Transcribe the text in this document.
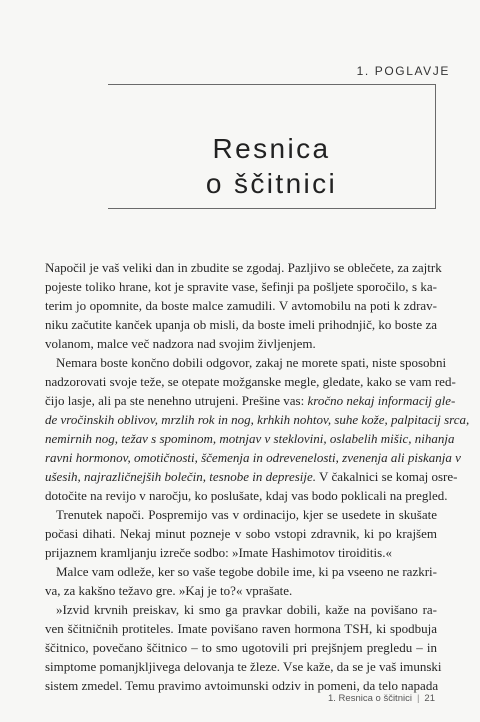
1. POGLAVJE
Resnica
o ščitnici
Napočil je vaš veliki dan in zbudite se zgodaj. Pazljivo se oblečete, za zajtrk
pojeste toliko hrane, kot je spravite vase, šefinji pa pošljete sporočilo, s ka-
terim jo opomnite, da boste malce zamudili. V avtomobilu na poti k zdrav-
niku začutite kanček upanja ob misli, da boste imeli prihodnjič, ko boste za
volanom, malce več nadzora nad svojim življenjem.
Nemara boste končno dobili odgovor, zakaj ne morete spati, niste sposobni
nadzorovati svoje teže, se otepate možganske megle, gledate, kako se vam red-
čijo lasje, ali pa ste nenehno utrujeni. Prešine vas: kročno nekaj informacij gle-
de vročinskih oblivov, mrzlih rok in nog, krhkih nohtov, suhe kože, palpitacij srca,
nemirnih nog, težav s spominom, motnjav v steklovini, oslabelih mišic, nihanja
ravni hormonov, omotičnosti, ščemenja in odrevenelosti, zvenenja ali piskanja v
ušesih, najrazličnejših bolečin, tesnobe in depresije. V čakalnici se komaj osre-
dotočite na revijo v naročju, ko poslušate, kdaj vas bodo poklicali na pregled.
Trenutek napoči. Pospremijo vas v ordinacijo, kjer se usedete in skušate
počasi dihati. Nekaj minut pozneje v sobo vstopi zdravnik, ki po krajšem
prijaznem kramljanju izreče sodbo: »Imate Hashimotov tiroiditis.«
Malce vam odleže, ker so vaše tegobe dobile ime, ki pa vseeno ne razkri-
va, za kakšno težavo gre. »Kaj je to?« vprašate.
»Izvid krvnih preiskav, ki smo ga pravkar dobili, kaže na povišano ra-
ven ščitničnih protiteles. Imate povišano raven hormona TSH, ki spodbuja
ščitnico, povečano ščitnico – to smo ugotovili pri prejšnjem pregledu – in
simptome pomanjkljivega delovanja te žleze. Vse kaže, da se je vaš imunski
sistem zmedel. Temu pravimo avtoimunski odziv in pomeni, da telo napada
1. Resnica o ščitnici | 21
